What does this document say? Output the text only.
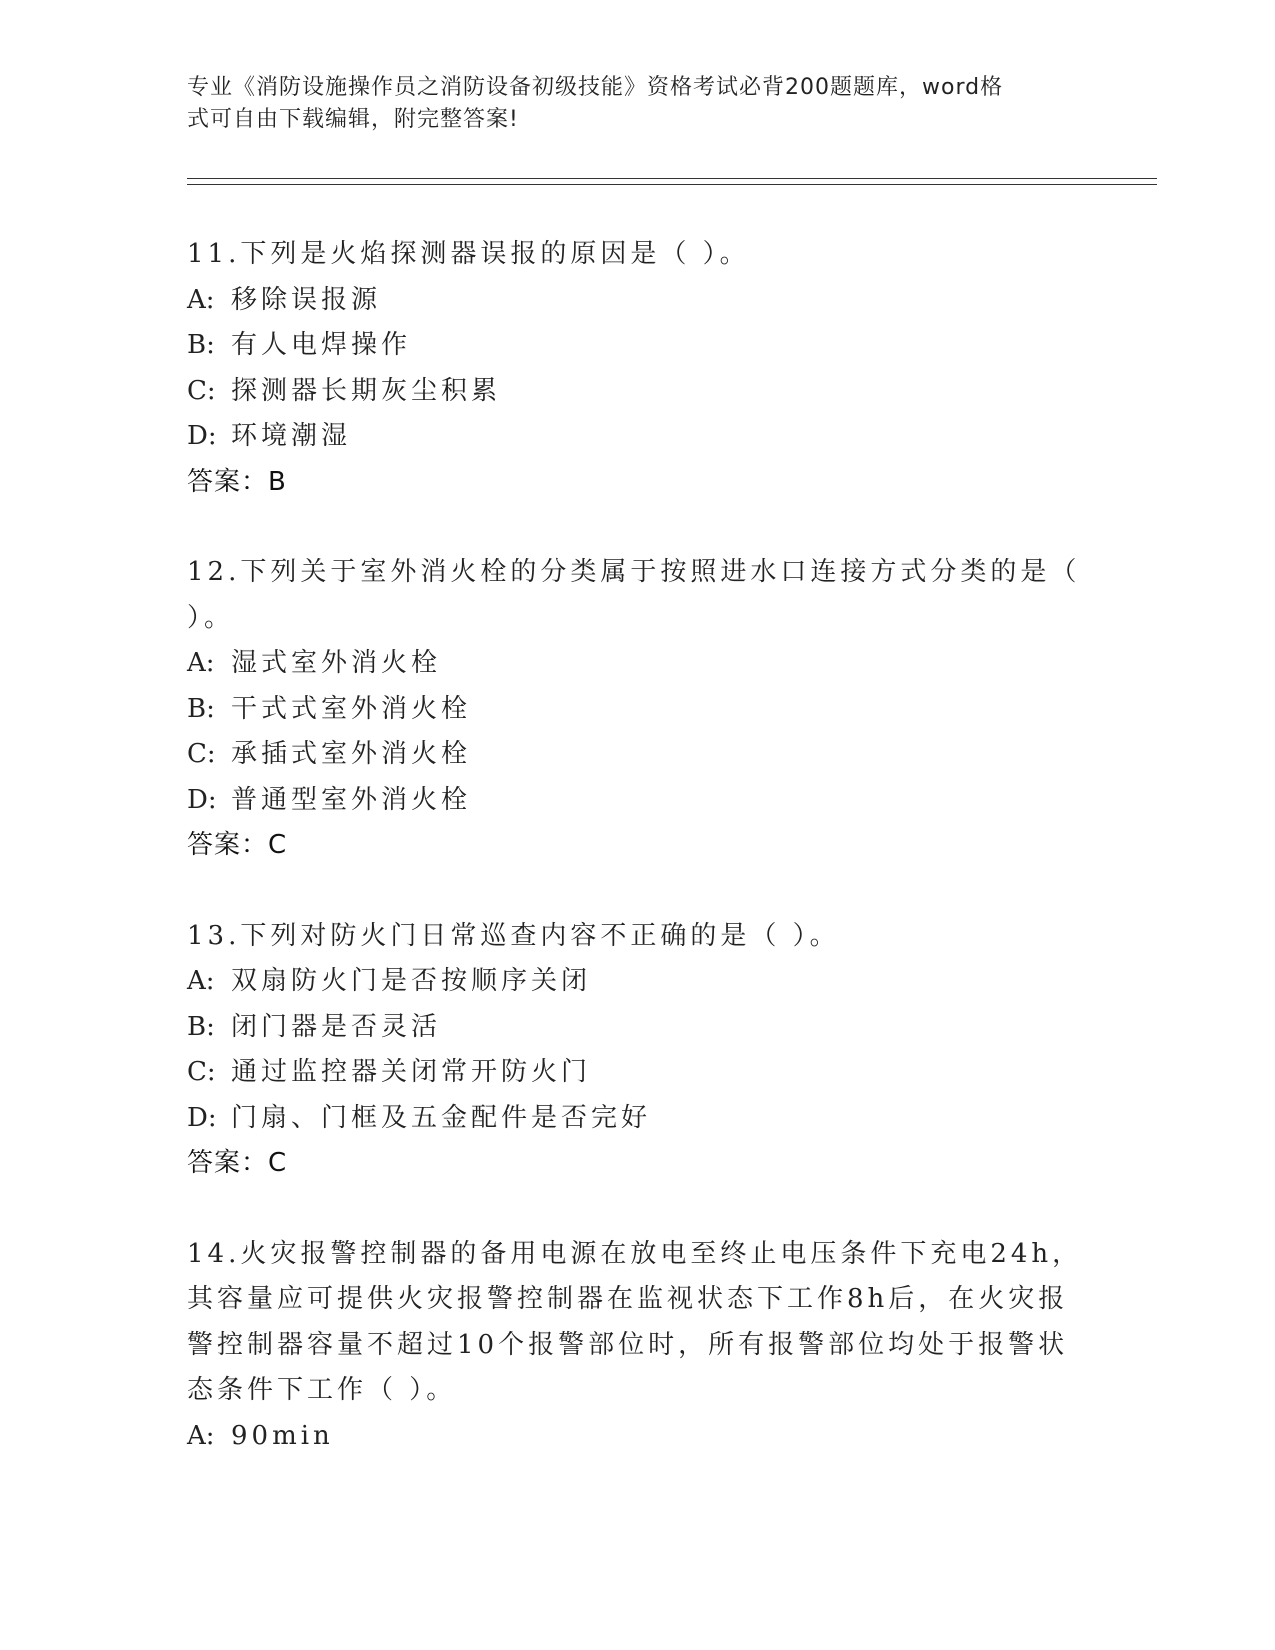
专业《消防设施操作员之消防设备初级技能》资格考试必背200题题库，word格
式可自由下载编辑，附完整答案!

11.下列是火焰探测器误报的原因是（ ）。

A: 移除误报源

B: 有人电焊操作

C: 探测器长期灰尘积累

D: 环境潮湿

答案：B

12.下列关于室外消火栓的分类属于按照进水口连接方式分类的是（ ）。

A: 湿式室外消火栓

B: 干式式室外消火栓

C: 承插式室外消火栓

D: 普通型室外消火栓

答案：C

13.下列对防火门日常巡查内容不正确的是（ ）。

A: 双扇防火门是否按顺序关闭

B: 闭门器是否灵活

C: 通过监控器关闭常开防火门

D: 门扇、门框及五金配件是否完好

答案：C

14.火灾报警控制器的备用电源在放电至终止电压条件下充电24h，其容量应可提供火灾报警控制器在监视状态下工作8h后，在火灾报警控制器容量不超过10个报警部位时，所有报警部位均处于报警状态条件下工作（ ）。

A: 90min
